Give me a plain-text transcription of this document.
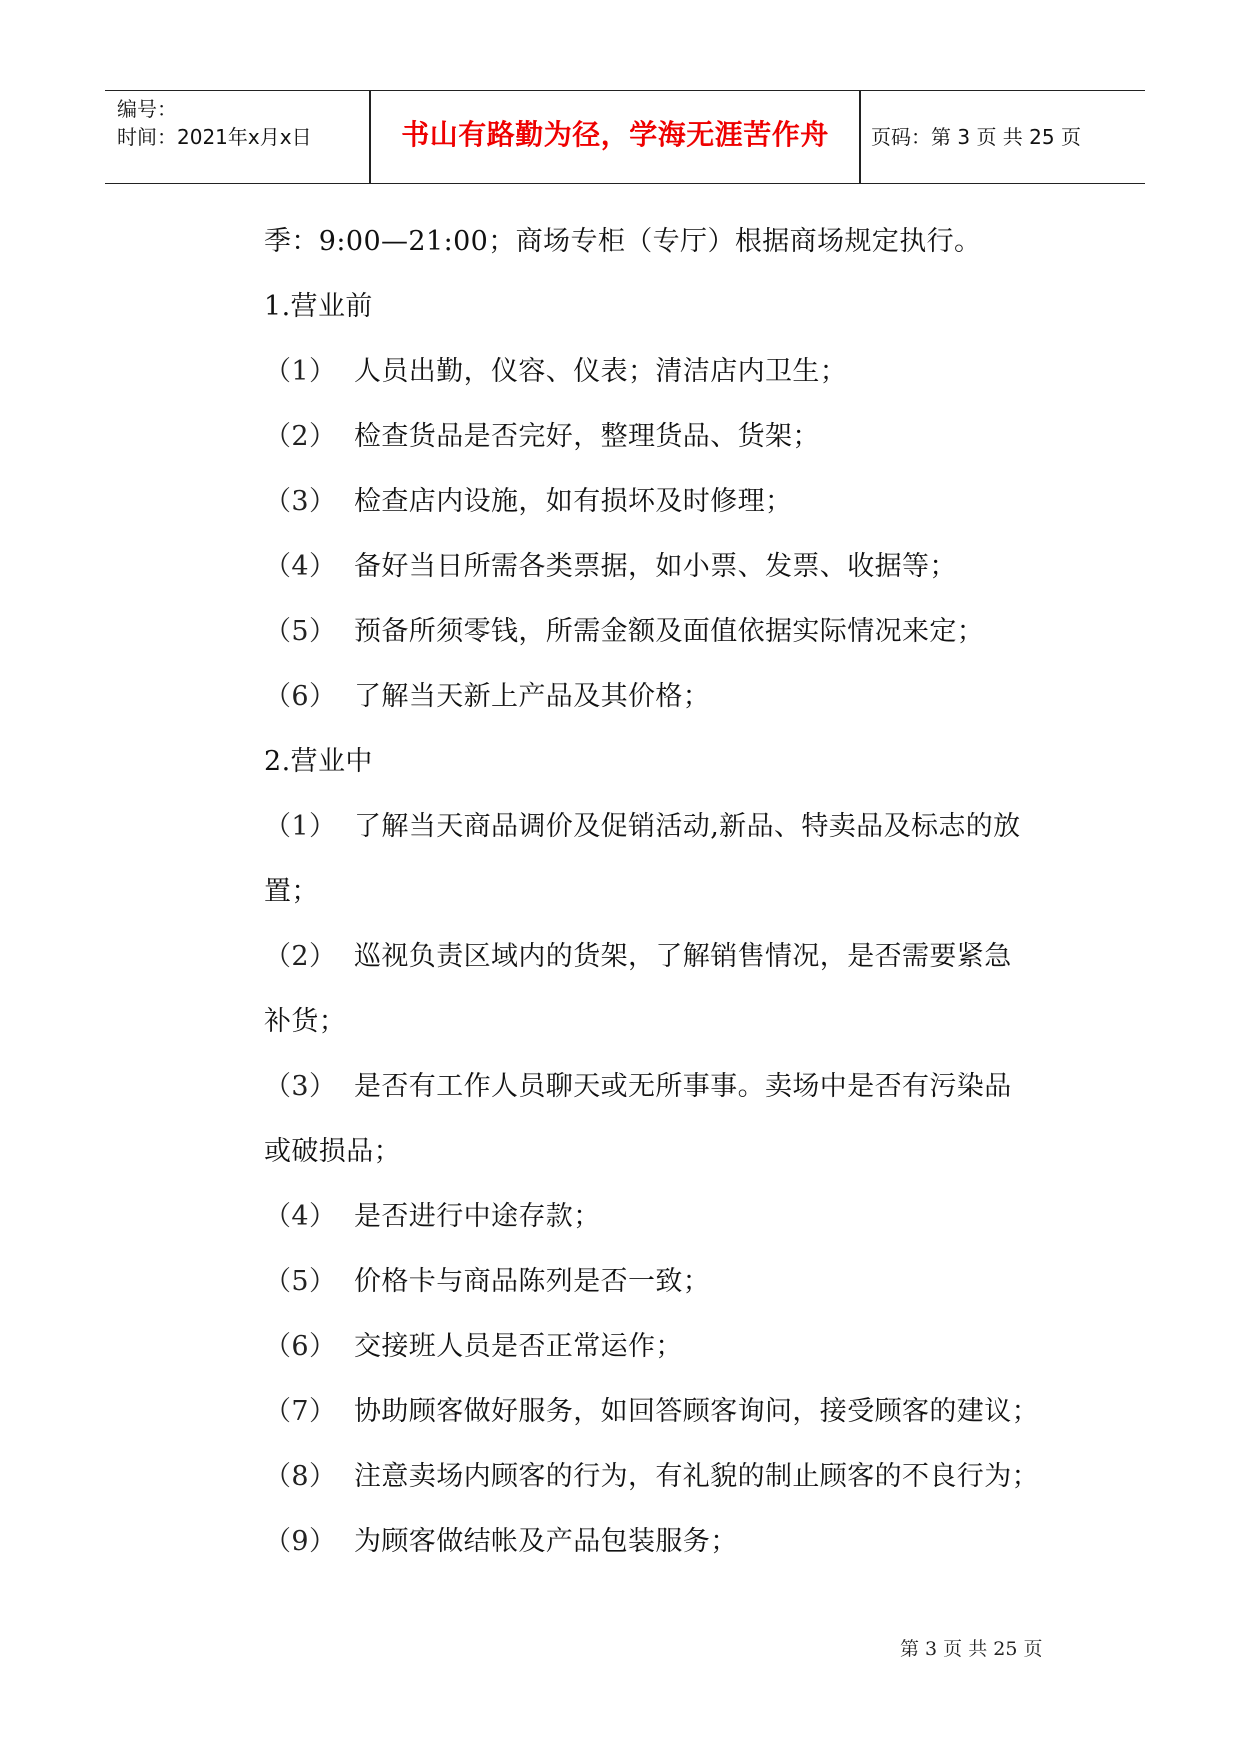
编号：
时间：2021年x月x日	书山有路勤为径，学海无涯苦作舟	页码：第 3 页 共 25 页
季：9:00—21:00；商场专柜（专厅）根据商场规定执行。
1.营业前
（1） 人员出勤，仪容、仪表；清洁店内卫生；
（2） 检查货品是否完好，整理货品、货架；
（3） 检查店内设施，如有损坏及时修理；
（4） 备好当日所需各类票据，如小票、发票、收据等；
（5） 预备所须零钱，所需金额及面值依据实际情况来定；
（6） 了解当天新上产品及其价格；
2.营业中
（1） 了解当天商品调价及促销活动,新品、特卖品及标志的放
置；
（2） 巡视负责区域内的货架，了解销售情况，是否需要紧急
补货；
（3） 是否有工作人员聊天或无所事事。卖场中是否有污染品
或破损品；
（4） 是否进行中途存款；
（5） 价格卡与商品陈列是否一致；
（6） 交接班人员是否正常运作；
（7） 协助顾客做好服务，如回答顾客询问，接受顾客的建议；
（8） 注意卖场内顾客的行为，有礼貌的制止顾客的不良行为；
（9） 为顾客做结帐及产品包装服务；
第 3 页 共 25 页
